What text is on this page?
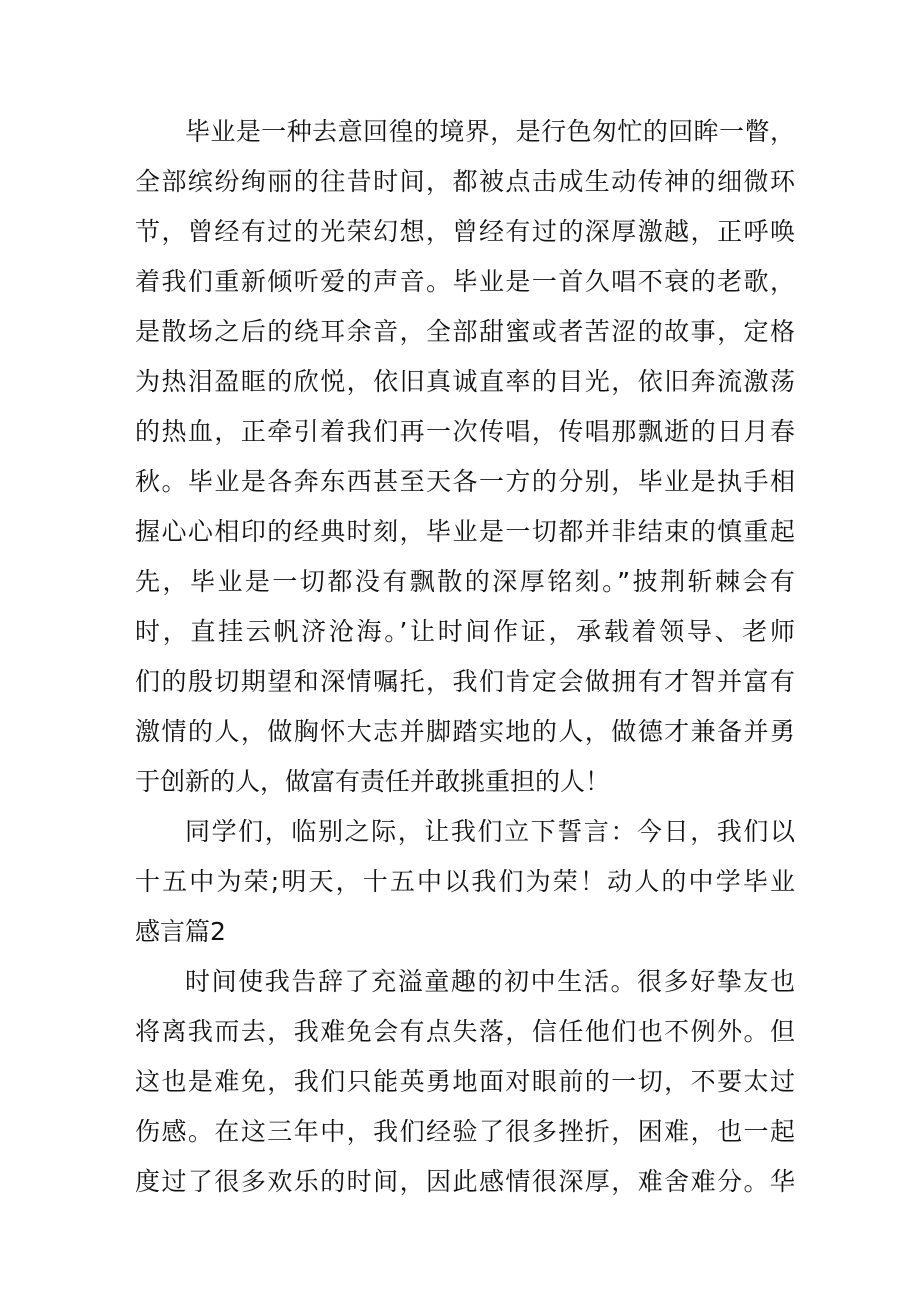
毕业是一种去意回徨的境界，是行色匆忙的回眸一瞥，
全部缤纷绚丽的往昔时间，都被点击成生动传神的细微环
节，曾经有过的光荣幻想，曾经有过的深厚激越，正呼唤
着我们重新倾听爱的声音。毕业是一首久唱不衰的老歌，
是散场之后的绕耳余音，全部甜蜜或者苦涩的故事，定格
为热泪盈眶的欣悦，依旧真诚直率的目光，依旧奔流激荡
的热血，正牵引着我们再一次传唱，传唱那飘逝的日月春
秋。毕业是各奔东西甚至天各一方的分别，毕业是执手相
握心心相印的经典时刻，毕业是一切都并非结束的慎重起
先，毕业是一切都没有飘散的深厚铭刻。”披荆斩棘会有
时，直挂云帆济沧海。’让时间作证，承载着领导、老师
们的殷切期望和深情嘱托，我们肯定会做拥有才智并富有
激情的人，做胸怀大志并脚踏实地的人，做德才兼备并勇
于创新的人，做富有责任并敢挑重担的人！
同学们，临别之际，让我们立下誓言：今日，我们以
十五中为荣;明天，十五中以我们为荣！动人的中学毕业
感言篇2
时间使我告辞了充溢童趣的初中生活。很多好挚友也
将离我而去，我难免会有点失落，信任他们也不例外。但
这也是难免，我们只能英勇地面对眼前的一切，不要太过
伤感。在这三年中，我们经验了很多挫折，困难，也一起
度过了很多欢乐的时间，因此感情很深厚，难舍难分。华
